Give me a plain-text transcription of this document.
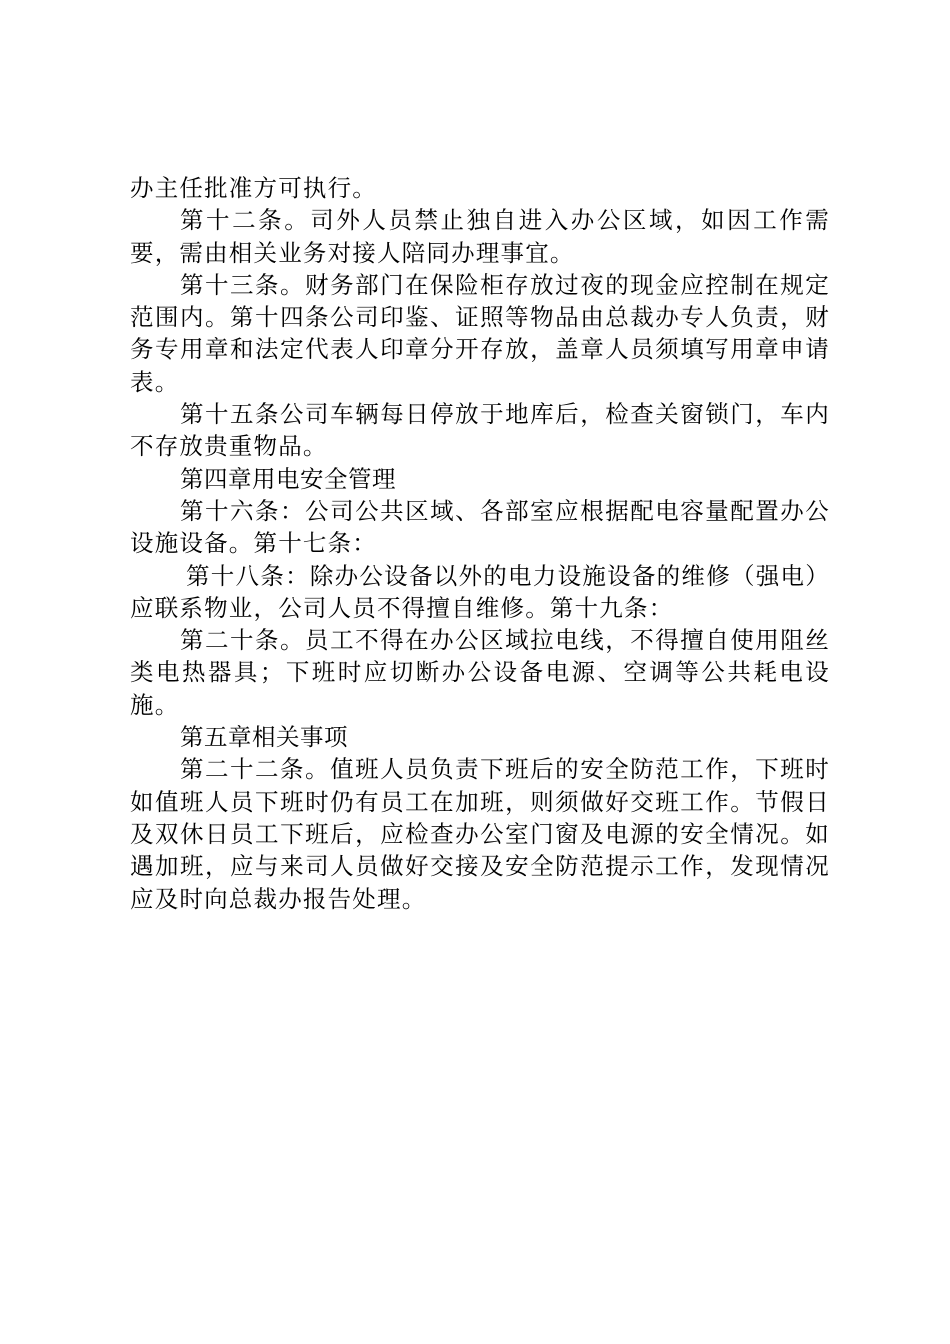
办主任批准方可执行。

第十二条。司外人员禁止独自进入办公区域，如因工作需要，需由相关业务对接人陪同办理事宜。

第十三条。财务部门在保险柜存放过夜的现金应控制在规定范围内。第十四条公司印鉴、证照等物品由总裁办专人负责，财务专用章和法定代表人印章分开存放，盖章人员须填写用章申请表。

第十五条公司车辆每日停放于地库后，检查关窗锁门，车内不存放贵重物品。

第四章用电安全管理

第十六条：公司公共区域、各部室应根据配电容量配置办公设施设备。第十七条：

第十八条：除办公设备以外的电力设施设备的维修（强电）应联系物业，公司人员不得擅自维修。第十九条：

第二十条。员工不得在办公区域拉电线，不得擅自使用阻丝类电热器具；下班时应切断办公设备电源、空调等公共耗电设施。

第五章相关事项

第二十二条。值班人员负责下班后的安全防范工作，下班时如值班人员下班时仍有员工在加班，则须做好交班工作。节假日及双休日员工下班后，应检查办公室门窗及电源的安全情况。如遇加班，应与来司人员做好交接及安全防范提示工作，发现情况应及时向总裁办报告处理。
